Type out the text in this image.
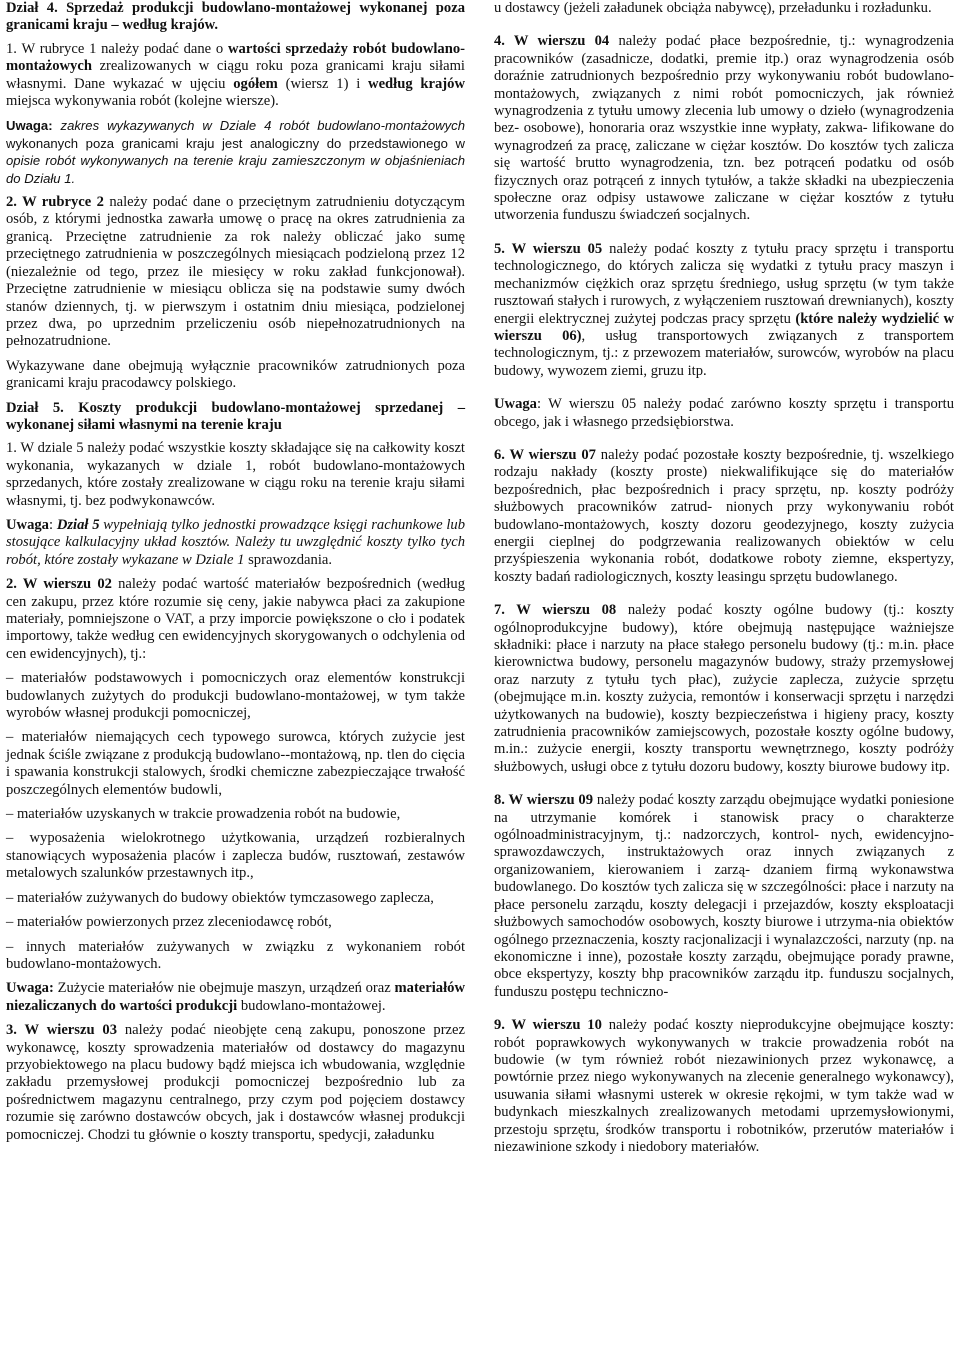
Dział 4. Sprzedaż produkcji budowlano-montażowej wykonanej poza granicami kraju – według krajów.

1. W rubryce 1 należy podać dane o wartości sprzedaży robót budowlano-montażowych zrealizowanych w ciągu roku poza granicami kraju siłami własnymi. Dane wykazać w ujęciu ogółem (wiersz 1) i według krajów miejsca wykonywania robót (kolejne wiersze).

Uwaga: zakres wykazywanych w Dziale 4 robót budowlano-montażowych wykonanych poza granicami kraju jest analogiczny do przedstawionego w opisie robót wykonywanych na terenie kraju zamieszczonym w objaśnieniach do Działu 1.

2. W rubryce 2 należy podać dane o przeciętnym zatrudnieniu dotyczącym osób, z którymi jednostka zawarła umowę o pracę na okres zatrudnienia za granicą. Przeciętne zatrudnienie za rok należy obliczać jako sumę przeciętnego zatrudnienia w poszczególnych miesiącach podzieloną przez 12 (niezależnie od tego, przez ile miesięcy w roku zakład funkcjonował). Przeciętne zatrudnienie w miesiącu oblicza się na podstawie sumy dwóch stanów dziennych, tj. w pierwszym i ostatnim dniu miesiąca, podzielonej przez dwa, po uprzednim przeliczeniu osób niepełnozatrudnionych na pełnozatrudnione.

Wykazywane dane obejmują wyłącznie pracowników zatrudnionych poza granicami kraju pracodawcy polskiego.

Dział 5. Koszty produkcji budowlano-montażowej sprzedanej – wykonanej siłami własnymi na terenie kraju

1. W dziale 5 należy podać wszystkie koszty składające się na całkowity koszt wykonania, wykazanych w dziale 1, robót budowlano-montażowych sprzedanych, które zostały zrealizowane w ciągu roku na terenie kraju siłami własnymi, tj. bez podwykonawców.

Uwaga: Dział 5 wypełniają tylko jednostki prowadzące księgi rachunkowe lub stosujące kalkulacyjny układ kosztów. Należy tu uwzględnić koszty tylko tych robót, które zostały wykazane w Dziale 1 sprawozdania.

2. W wierszu 02 należy podać wartość materiałów bezpośrednich (według cen zakupu, przez które rozumie się ceny, jakie nabywca płaci za zakupione materiały, pomniejszone o VAT, a przy imporcie powiększone o cło i podatek importowy, także według cen ewidencyjnych skorygowanych o odchylenia od cen ewidencyjnych), tj.:

– materiałów podstawowych i pomocniczych oraz elementów konstrukcji budowlanych zużytych do produkcji budowlano-montażowej, w tym także wyrobów własnej produkcji pomocniczej,

– materiałów niemających cech typowego surowca, których zużycie jest jednak ściśle związane z produkcją budowlano--montażową, np. tlen do cięcia i spawania konstrukcji stalowych, środki chemiczne zabezpieczające trwałość poszczególnych elementów budowli,

– materiałów uzyskanych w trakcie prowadzenia robót na budowie,

– wyposażenia wielokrotnego użytkowania, urządzeń rozbieralnych stanowiących wyposażenia placów i zaplecza budów, rusztowań, zestawów metalowych szalunków przestawnych itp.,

– materiałów zużywanych do budowy obiektów tymczasowego zaplecza,

– materiałów powierzonych przez zleceniodawcę robót,

– innych materiałów zużywanych w związku z wykonaniem robót budowlano-montażowych.

Uwaga: Zużycie materiałów nie obejmuje maszyn, urządzeń oraz materiałów niezaliczanych do wartości produkcji budowlano-montażowej.

3. W wierszu 03 należy podać nieobjęte ceną zakupu, ponoszone przez wykonawcę, koszty sprowadzenia materiałów od dostawcy do magazynu przyobiektowego na placu budowy bądź miejsca ich wbudowania, względnie zakładu przemysłowej produkcji pomocniczej bezpośrednio lub za pośrednictwem magazynu centralnego, przy czym pod pojęciem dostawcy rozumie się zarówno dostawców obcych, jak i dostawców własnej produkcji pomocniczej. Chodzi tu głównie o koszty transportu, spedycji, załadunku

u dostawcy (jeżeli załadunek obciąża nabywcę), przeładunku i rozładunku.

4. W wierszu 04 należy podać płace bezpośrednie, tj.: wynagrodzenia pracowników (zasadnicze, dodatki, premie itp.) oraz wynagrodzenia osób doraźnie zatrudnionych bezpośrednio przy wykonywaniu robót budowlano-montażowych, związanych z nimi robót pomocniczych, jak również wynagrodzenia z tytułu umowy zlecenia lub umowy o dzieło (wynagrodzenia bez- osobowe), honoraria oraz wszystkie inne wypłaty, zakwa- lifikowane do wynagrodzeń za pracę, zaliczane w ciężar kosztów. Do kosztów tych zalicza się wartość brutto wynagrodzenia, tzn. bez potrąceń podatku od osób fizycznych oraz potrąceń z innych tytułów, a także składki na ubezpieczenia społeczne oraz odpisy ustawowe zaliczane w ciężar kosztów z tytułu utworzenia funduszu świadczeń socjalnych.

5. W wierszu 05 należy podać koszty z tytułu pracy sprzętu i transportu technologicznego, do których zalicza się wydatki z tytułu pracy maszyn i mechanizmów ciężkich oraz sprzętu średniego, usług sprzętu (w tym także rusztowań stałych i rurowych, z wyłączeniem rusztowań drewnianych), koszty energii elektrycznej zużytej podczas pracy sprzętu (które należy wydzielić w wierszu 06), usług transportowych związanych z transportem technologicznym, tj.: z przewozem materiałów, surowców, wyrobów na placu budowy, wywozem ziemi, gruzu itp.

Uwaga: W wierszu 05 należy podać zarówno koszty sprzętu i transportu obcego, jak i własnego przedsiębiorstwa.

6. W wierszu 07 należy podać pozostałe koszty bezpośrednie, tj. wszelkiego rodzaju nakłady (koszty proste) niekwalifikujące się do materiałów bezpośrednich, płac bezpośrednich i pracy sprzętu, np. koszty podróży służbowych pracowników zatrud- nionych przy wykonywaniu robót budowlano-montażowych, koszty dozoru geodezyjnego, koszty zużycia energii cieplnej do podgrzewania realizowanych obiektów w celu przyśpieszenia wykonania robót, dodatkowe roboty ziemne, ekspertyzy, koszty badań radiologicznych, koszty leasingu sprzętu budowlanego.

7. W wierszu 08 należy podać koszty ogólne budowy (tj.: koszty ogólnoprodukcyjne budowy), które obejmują następujące ważniejsze składniki: płace i narzuty na płace stałego personelu budowy (tj.: m.in. płace kierownictwa budowy, personelu magazynów budowy, straży przemysłowej oraz narzuty z tytułu tych płac), zużycie zaplecza, zużycie sprzętu (obejmujące m.in. koszty zużycia, remontów i konserwacji sprzętu i narzędzi użytkowanych na budowie), koszty bezpieczeństwa i higieny pracy, koszty zatrudnienia pracowników zamiejscowych, pozostałe koszty ogólne budowy, m.in.: zużycie energii, koszty transportu wewnętrznego, koszty podróży służbowych, usługi obce z tytułu dozoru budowy, koszty biurowe budowy itp.

8. W wierszu 09 należy podać koszty zarządu obejmujące wydatki poniesione na utrzymanie komórek i stanowisk pracy o charakterze ogólnoadministracyjnym, tj.: nadzorczych, kontrol- nych, ewidencyjno-sprawozdawczych, instruktażowych oraz innych związanych z organizowaniem, kierowaniem i zarzą- dzaniem firmą wykonawstwa budowlanego. Do kosztów tych zalicza się w szczególności: płace i narzuty na płace personelu zarządu, koszty delegacji i przejazdów, koszty eksploatacji służbowych samochodów osobowych, koszty biurowe i utrzyma-nia obiektów ogólnego przeznaczenia, koszty racjonalizacji i wynalazczości, narzuty (np. na ekonomiczne i inne), pozostałe koszty zarządu, obejmujące porady prawne, obce ekspertyzy, koszty bhp pracowników zarządu itp. funduszu socjalnych, funduszu postępu techniczno-

9. W wierszu 10 należy podać koszty nieprodukcyjne obejmujące koszty: robót poprawkowych wykonywanych w trakcie prowadzenia robót na budowie (w tym również robót niezawinionych przez wykonawcę, a powtórnie przez niego wykonywanych na zlecenie generalnego wykonawcy), usuwania siłami własnymi usterek w okresie rękojmi, w tym także wad w budynkach mieszkalnych zrealizowanych metodami uprzemysłowionymi, przestoju sprzętu, środków transportu i robotników, przerutów materiałów i niezawinione szkody i niedobory materiałów.
